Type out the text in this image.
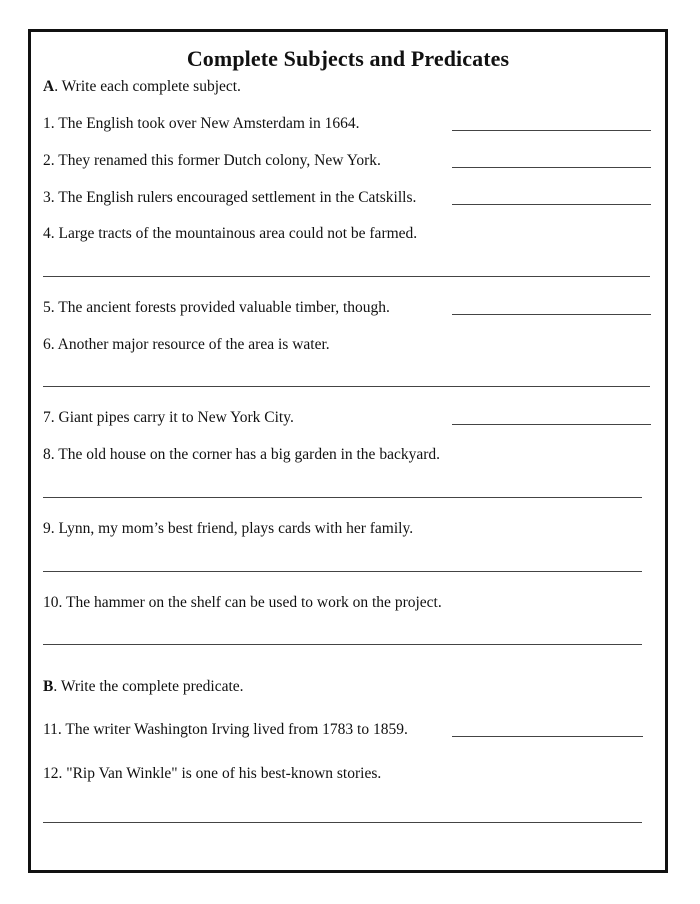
Complete Subjects and Predicates
A. Write each complete subject.
1. The English took over New Amsterdam in 1664.
2. They renamed this former Dutch colony, New York.
3. The English rulers encouraged settlement in the Catskills.
4. Large tracts of the mountainous area could not be farmed.
5. The ancient forests provided valuable timber, though.
6. Another major resource of the area is water.
7. Giant pipes carry it to New York City.
8. The old house on the corner has a big garden in the backyard.
9. Lynn, my mom’s best friend, plays cards with her family.
10. The hammer on the shelf can be used to work on the project.
B. Write the complete predicate.
11. The writer Washington Irving lived from 1783 to 1859.
12. "Rip Van Winkle" is one of his best-known stories.
